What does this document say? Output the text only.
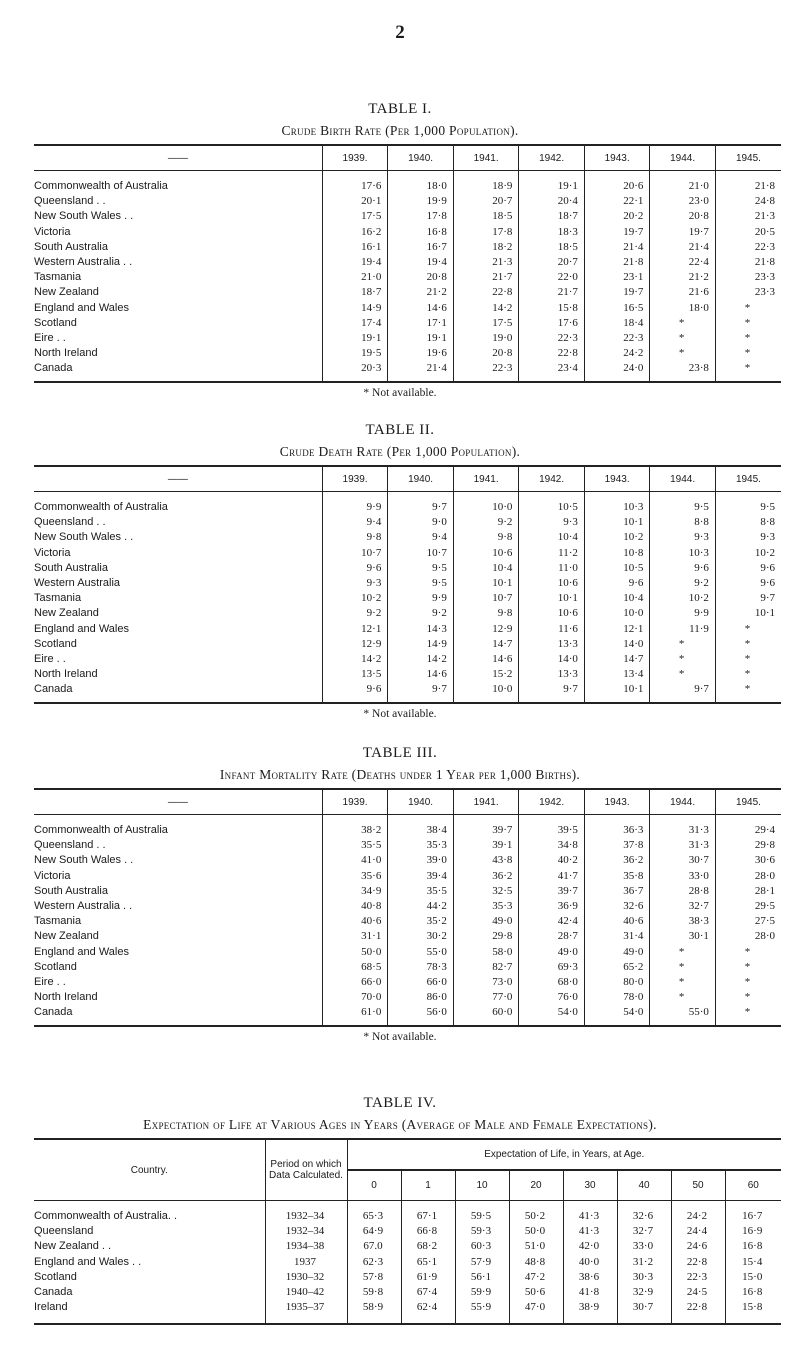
2
TABLE I.
Crude Birth Rate (Per 1,000 Population).
——	1939.	1940.	1941.	1942.	1943.	1944.	1945.

Commonwealth of Australia	17·6	18·0	18·9	19·1	20·6	21·0	21·8
Queensland . .	20·1	19·9	20·7	20·4	22·1	23·0	24·8
New South Wales . .	17·5	17·8	18·5	18·7	20·2	20·8	21·3
Victoria	16·2	16·8	17·8	18·3	19·7	19·7	20·5
South Australia	16·1	16·7	18·2	18·5	21·4	21·4	22·3
Western Australia . .	19·4	19·4	21·3	20·7	21·8	22·4	21·8
Tasmania	21·0	20·8	21·7	22·0	23·1	21·2	23·3
New Zealand	18·7	21·2	22·8	21·7	19·7	21·6	23·3
England and Wales	14·9	14·6	14·2	15·8	16·5	18·0	*
Scotland	17·4	17·1	17·5	17·6	18·4	*	*
Eire . .	19·1	19·1	19·0	22·3	22·3	*	*
North Ireland	19·5	19·6	20·8	22·8	24·2	*	*
Canada	20·3	21·4	22·3	23·4	24·0	23·8	*
* Not available.
TABLE II.
Crude Death Rate (Per 1,000 Population).
——	1939.	1940.	1941.	1942.	1943.	1944.	1945.

Commonwealth of Australia	9·9	9·7	10·0	10·5	10·3	9·5	9·5
Queensland . .	9·4	9·0	9·2	9·3	10·1	8·8	8·8
New South Wales . .	9·8	9·4	9·8	10·4	10·2	9·3	9·3
Victoria	10·7	10·7	10·6	11·2	10·8	10·3	10·2
South Australia	9·6	9·5	10·4	11·0	10·5	9·6	9·6
Western Australia	9·3	9·5	10·1	10·6	9·6	9·2	9·6
Tasmania	10·2	9·9	10·7	10·1	10·4	10·2	9·7
New Zealand	9·2	9·2	9·8	10·6	10·0	9·9	10·1
England and Wales	12·1	14·3	12·9	11·6	12·1	11·9	*
Scotland	12·9	14·9	14·7	13·3	14·0	*	*
Eire . .	14·2	14·2	14·6	14·0	14·7	*	*
North Ireland	13·5	14·6	15·2	13·3	13·4	*	*
Canada	9·6	9·7	10·0	9·7	10·1	9·7	*
* Not available.
TABLE III.
Infant Mortality Rate (Deaths under 1 Year per 1,000 Births).
——	1939.	1940.	1941.	1942.	1943.	1944.	1945.

Commonwealth of Australia	38·2	38·4	39·7	39·5	36·3	31·3	29·4
Queensland . .	35·5	35·3	39·1	34·8	37·8	31·3	29·8
New South Wales . .	41·0	39·0	43·8	40·2	36·2	30·7	30·6
Victoria	35·6	39·4	36·2	41·7	35·8	33·0	28·0
South Australia	34·9	35·5	32·5	39·7	36·7	28·8	28·1
Western Australia . .	40·8	44·2	35·3	36·9	32·6	32·7	29·5
Tasmania	40·6	35·2	49·0	42·4	40·6	38·3	27·5
New Zealand	31·1	30·2	29·8	28·7	31·4	30·1	28·0
England and Wales	50·0	55·0	58·0	49·0	49·0	*	*
Scotland	68·5	78·3	82·7	69·3	65·2	*	*
Eire . .	66·0	66·0	73·0	68·0	80·0	*	*
North Ireland	70·0	86·0	77·0	76·0	78·0	*	*
Canada	61·0	56·0	60·0	54·0	54·0	55·0	*
* Not available.
TABLE IV.
Expectation of Life at Various Ages in Years (Average of Male and Female Expectations).
Country.	Period on which Data Calculated.	Expectation of Life, in Years, at Age.							
		0	1	10	20	30	40	50	60

Commonwealth of Australia. .	1932–34	65·3	67·1	59·5	50·2	41·3	32·6	24·2	16·7
Queensland	1932–34	64·9	66·8	59·3	50·0	41·3	32·7	24·4	16·9
New Zealand . .	1934–38	67.0	68·2	60·3	51·0	42·0	33·0	24·6	16·8
England and Wales . .	1937	62·3	65·1	57·9	48·8	40·0	31·2	22·8	15·4
Scotland	1930–32	57·8	61·9	56·1	47·2	38·6	30·3	22·3	15·0
Canada	1940–42	59·8	67·4	59·9	50·6	41·8	32·9	24·5	16·8
Ireland	1935–37	58·9	62·4	55·9	47·0	38·9	30·7	22·8	15·8
